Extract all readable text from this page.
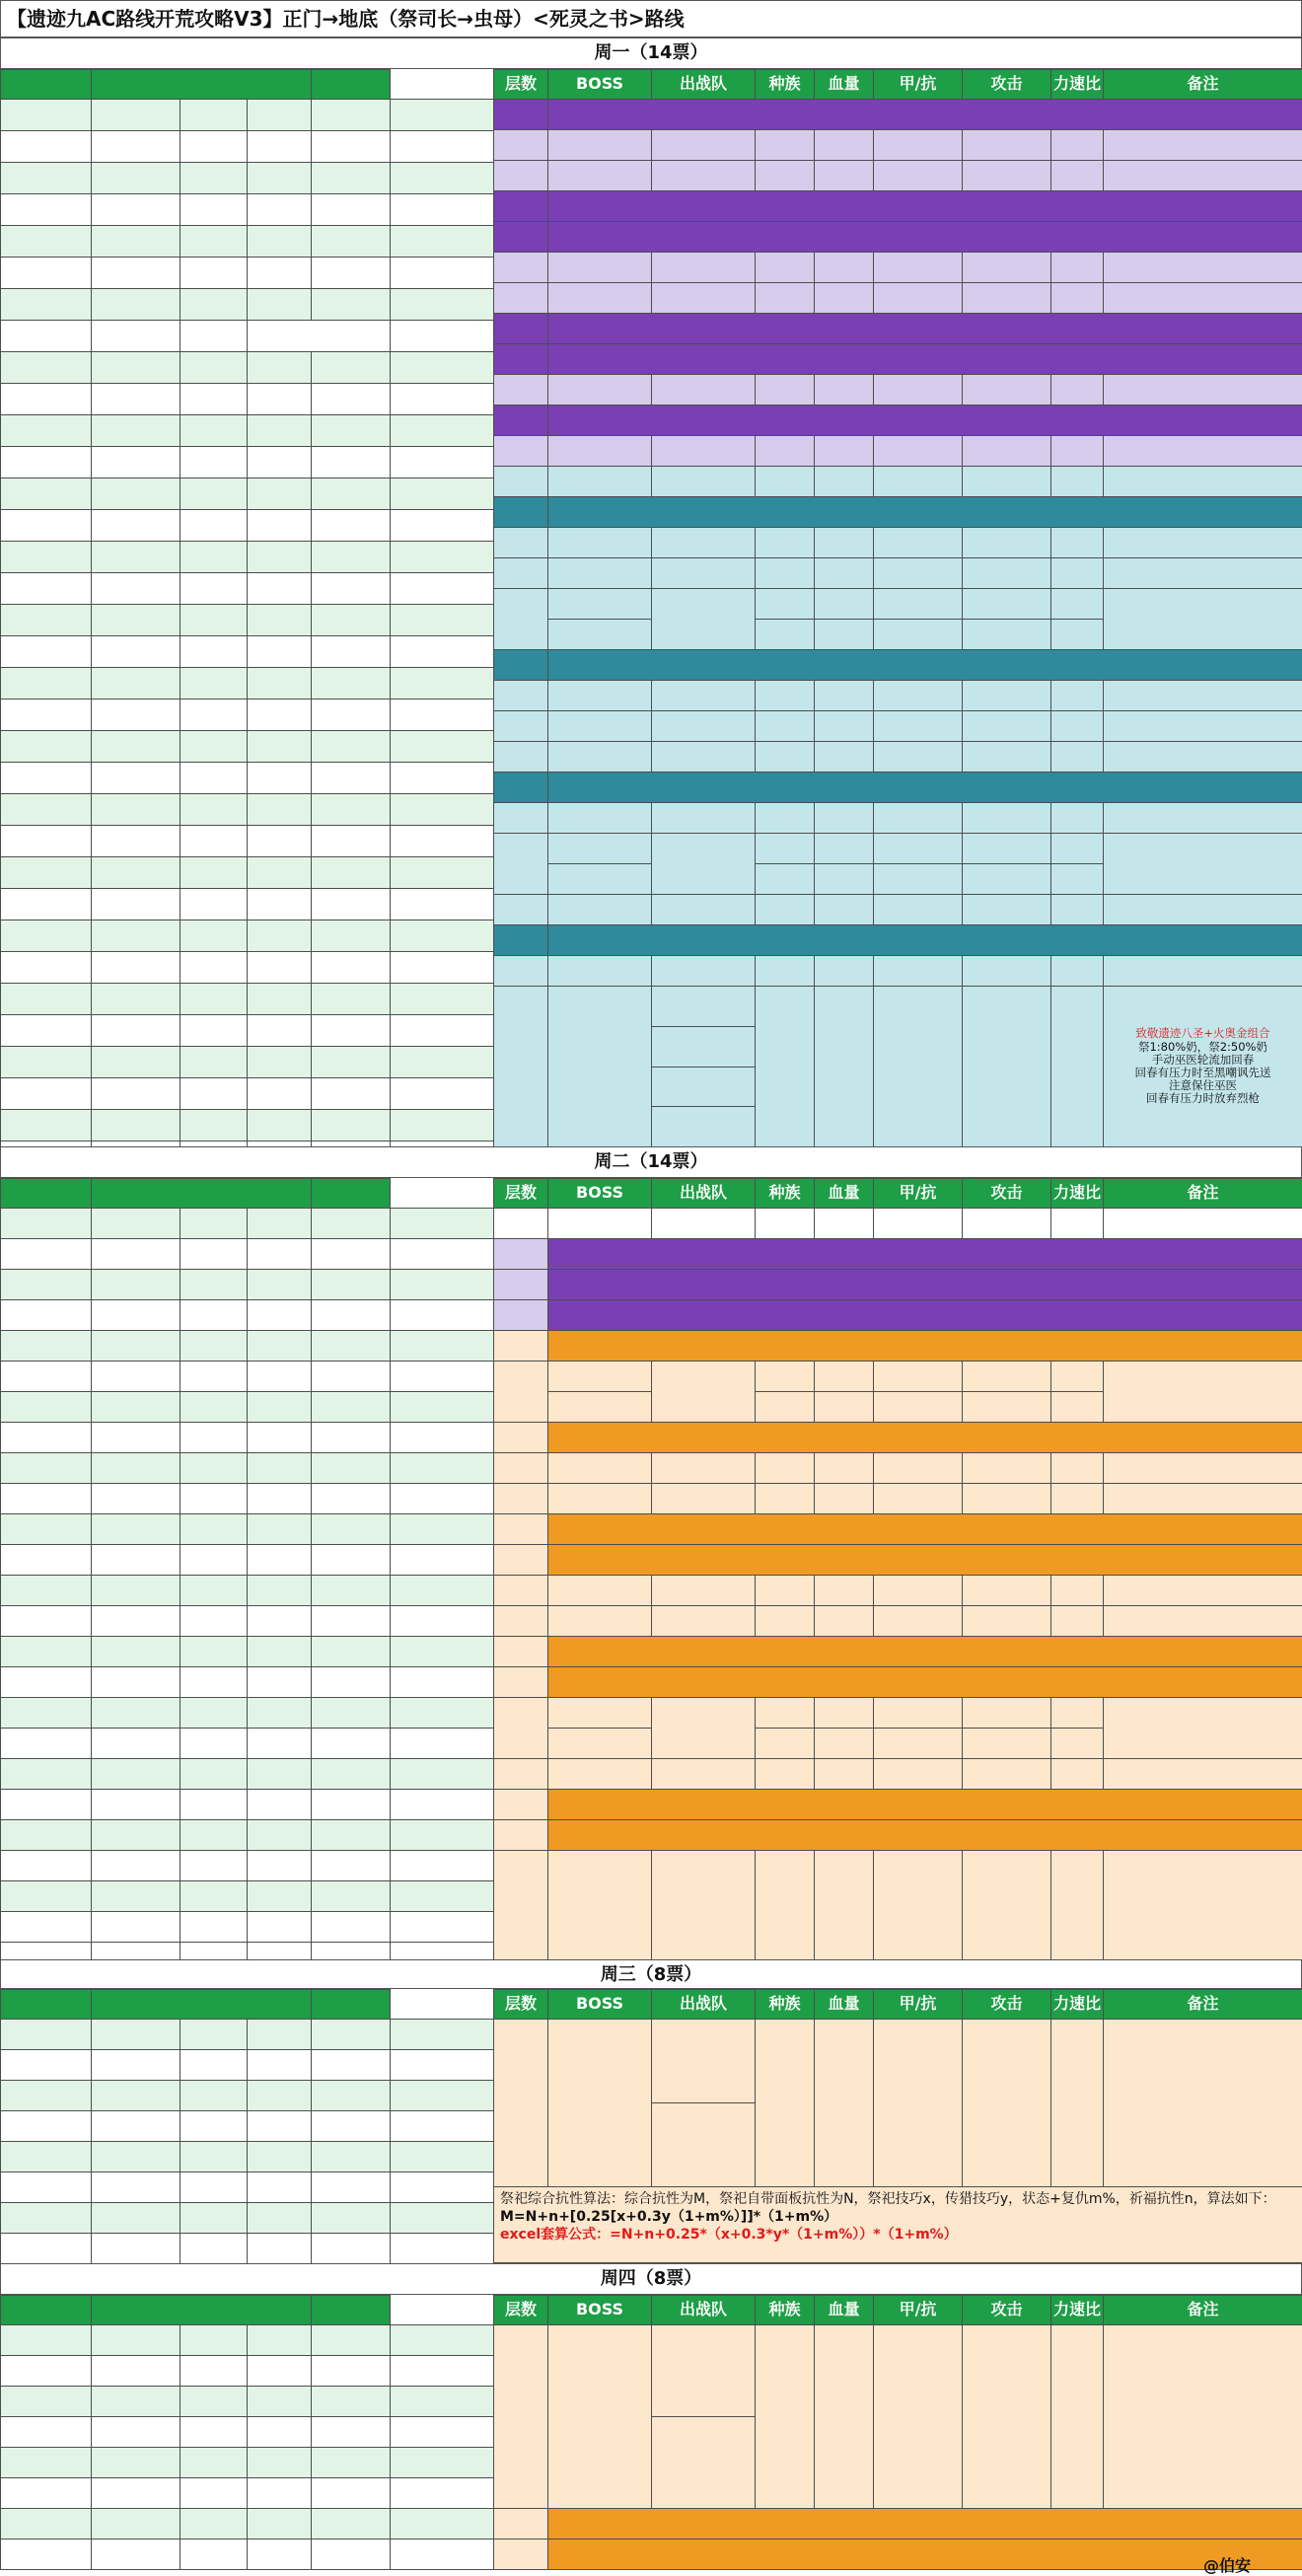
【遗迹九AC路线开荒攻略V3】正门→地底（祭司长→虫母）<死灵之书>路线
周一（14票）
层数	BOSS	出战队	种族	血量	甲/抗	攻击	力速比	备注
致敬遗迹八圣+火奥金组合
祭1:80%奶，祭2:50%奶
手动巫医轮流加回春
回春有压力时至黑嘲讽先送
注意保住巫医
回春有压力时放弃烈枪
周二（14票）
层数	BOSS	出战队	种族	血量	甲/抗	攻击	力速比	备注
周三（8票）
层数	BOSS	出战队	种族	血量	甲/抗	攻击	力速比	备注
祭祀综合抗性算法：综合抗性为M，祭祀自带面板抗性为N，祭祀技巧x，传猎技巧y，状态+复仇m%，祈福抗性n，算法如下：
M=N+n+[0.25[x+0.3y（1+m%）]]*（1+m%）
excel套算公式：=N+n+0.25*（x+0.3*y*（1+m%））*（1+m%）
周四（8票）
层数	BOSS	出战队	种族	血量	甲/抗	攻击	力速比	备注
@伯安
